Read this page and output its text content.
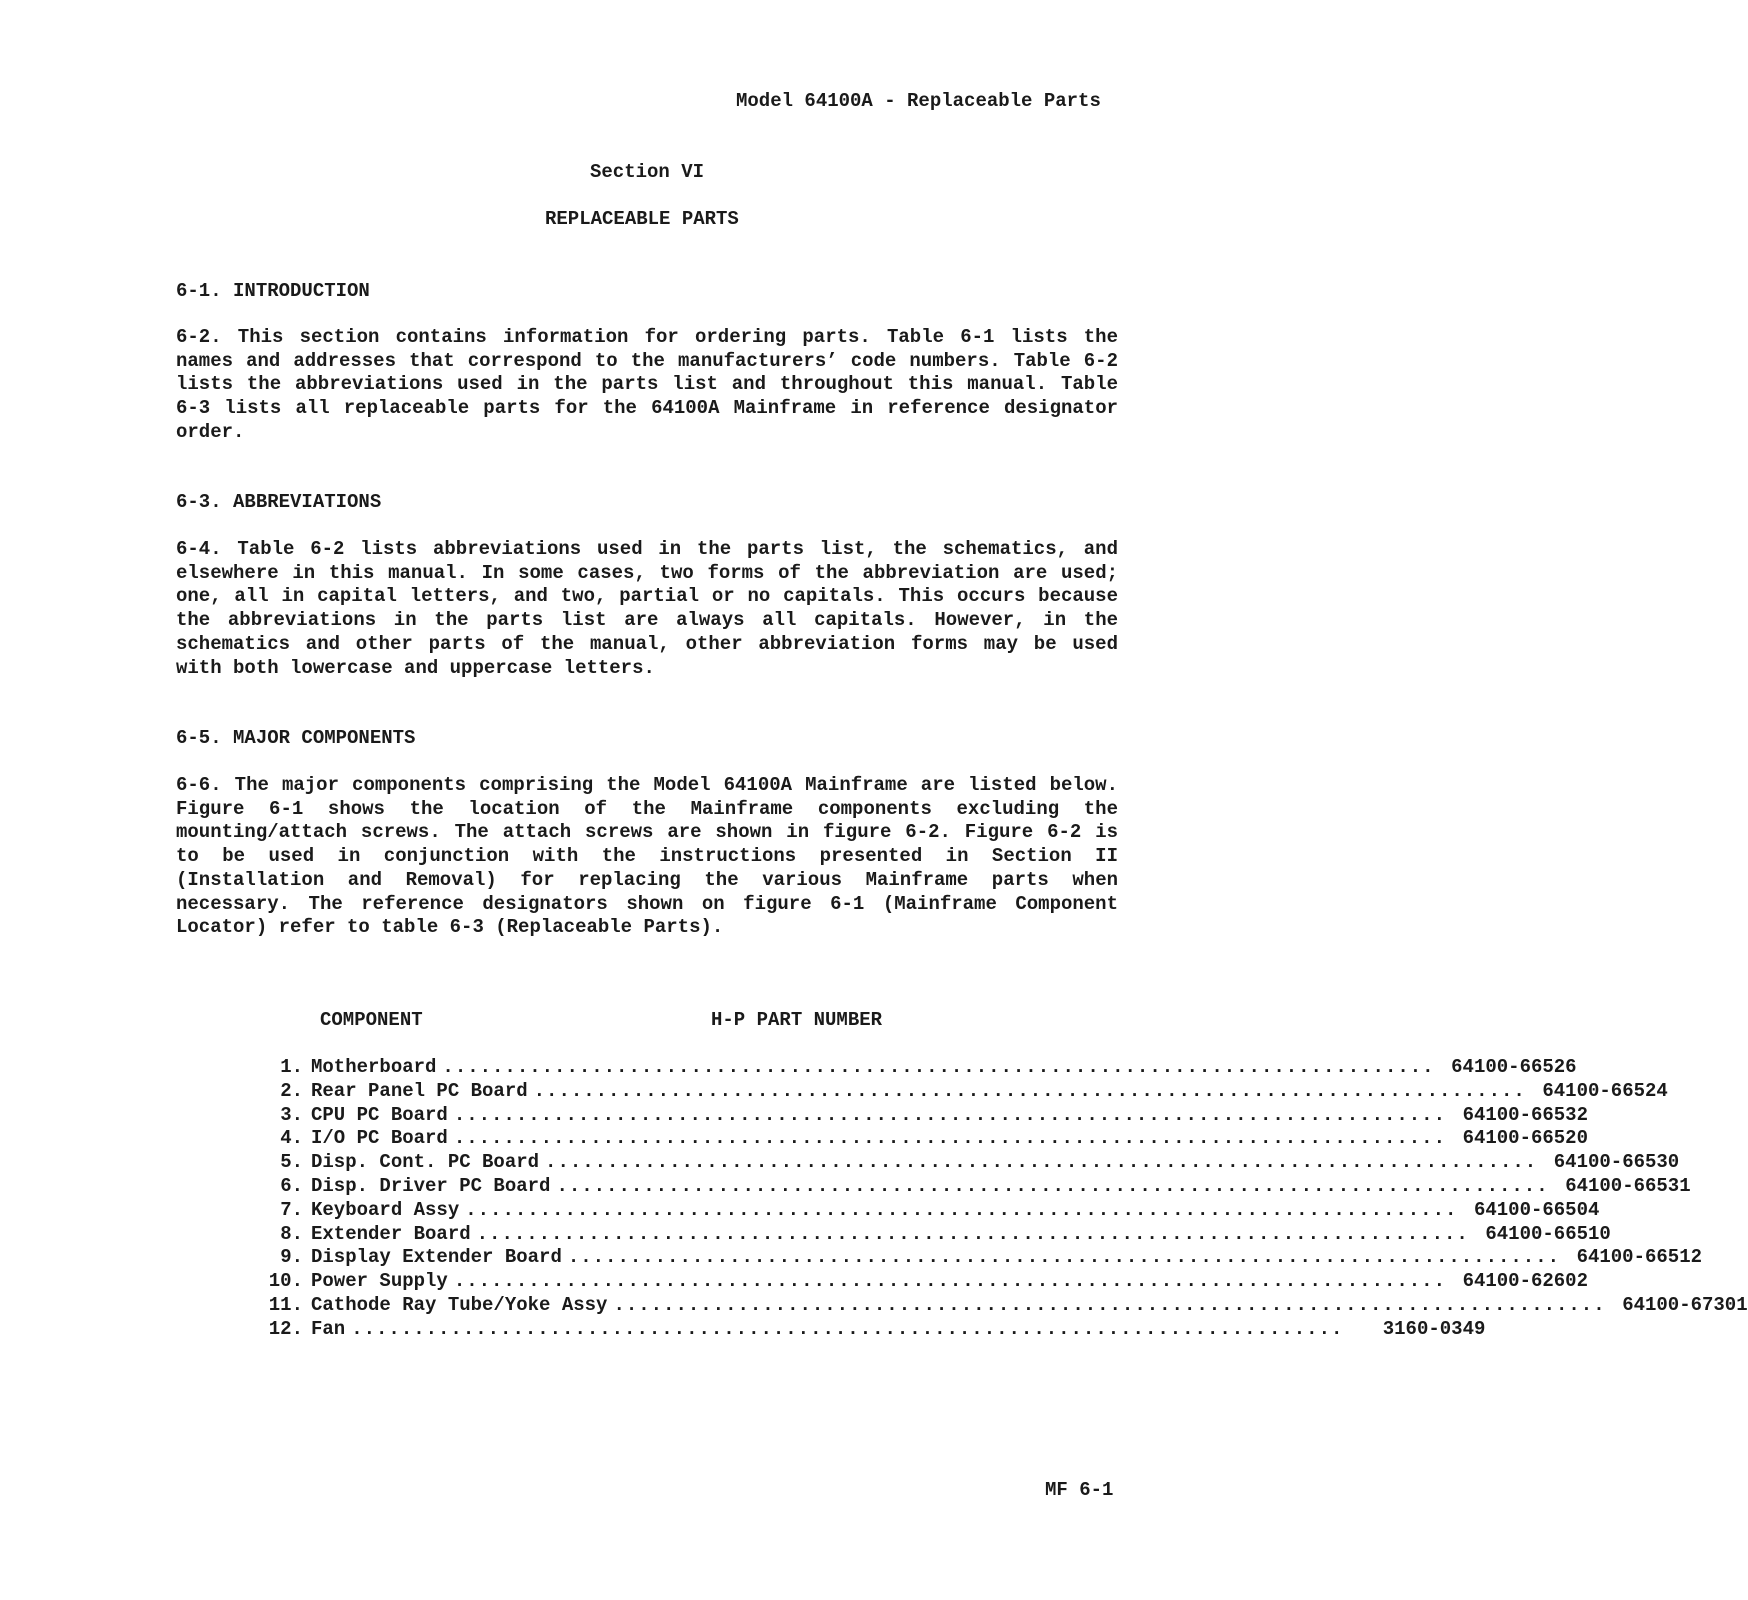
Model 64100A - Replaceable Parts

Section VI

REPLACEABLE PARTS

6-1. INTRODUCTION

6-2. This section contains information for ordering parts. Table 6-1 lists the names and addresses that correspond to the manufacturers’ code numbers. Table 6-2 lists the abbreviations used in the parts list and throughout this manual. Table 6-3 lists all replaceable parts for the 64100A Mainframe in reference designator order.

6-3. ABBREVIATIONS

6-4. Table 6-2 lists abbreviations used in the parts list, the schematics, and elsewhere in this manual. In some cases, two forms of the abbreviation are used; one, all in capital letters, and two, partial or no capitals. This occurs because the abbreviations in the parts list are always all capitals. However, in the schematics and other parts of the manual, other abbreviation forms may be used with both lowercase and uppercase letters.

6-5. MAJOR COMPONENTS

6-6. The major components comprising the Model 64100A Mainframe are listed below. Figure 6-1 shows the location of the Mainframe components excluding the mounting/attach screws. The attach screws are shown in figure 6-2. Figure 6-2 is to be used in conjunction with the instructions presented in Section II (Installation and Removal) for replacing the various Mainframe parts when necessary. The reference designators shown on figure 6-1 (Mainframe Component Locator) refer to table 6-3 (Replaceable Parts).

COMPONENT	H-P PART NUMBER

1. Motherboard ................................................................................ 64100-66526
2. Rear Panel PC Board ................................................................................ 64100-66524
3. CPU PC Board ................................................................................ 64100-66532
4. I/O PC Board ................................................................................ 64100-66520
5. Disp. Cont. PC Board ................................................................................ 64100-66530
6. Disp. Driver PC Board ................................................................................ 64100-66531
7. Keyboard Assy ................................................................................ 64100-66504
8. Extender Board ................................................................................ 64100-66510
9. Display Extender Board ................................................................................ 64100-66512
10. Power Supply ................................................................................ 64100-62602
11. Cathode Ray Tube/Yoke Assy ................................................................................ 64100-67301
12. Fan ................................................................................	3160-0349

MF 6-1
